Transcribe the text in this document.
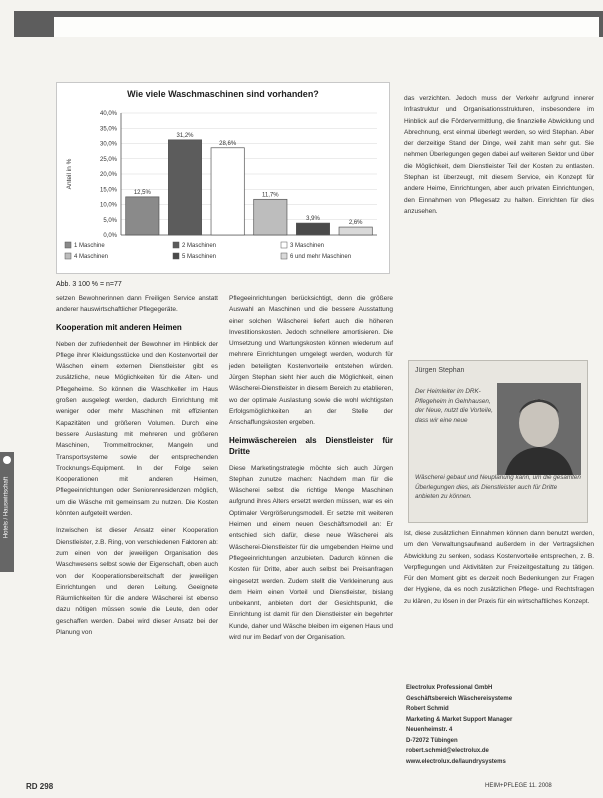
Wie viele Waschmaschinen sind vorhanden?
0,0%
5,0%
10,0%
15,0%
20,0%
25,0%
30,0%
35,0%
40,0%
Anteil in %
12,5%
31,2%
28,6%
11,7%
3,9%
2,6%
1 Maschine	2 Maschinen	3 Maschinen
4 Maschinen	5 Maschinen	6 und mehr Maschinen
Abb. 3 100 % = n=77

setzen Bewohnerinnen dann Freiligen Service anstatt anderer hauswirtschaftlicher Pflegegeräte.

Kooperation mit anderen Heimen

Neben der zufriedenheit der Bewohner im Hinblick der Pflege ihrer Kleidungsstücke und den Kostenvorteil der Wäschen einem externen Dienstleister gibt es zusätzliche, neue Möglichkeiten für die Alten- und Pflegeheime. So können die Waschkeller im Haus großen ausgelegt werden, dadurch Einrichtung mit weniger oder mehr Maschinen mit effizienten Kapazitäten und größeren Volumen. Durch eine bessere Auslastung mit mehreren und größeren Maschinen, Trommeltrockner, Mangeln und Transportsysteme sowie der entsprechenden Trocknungs-Equipment. In der Folge seien Kooperationen mit anderen Heimen, Pflegeeinrichtungen oder Seniorenresidenzen möglich, um die Wäsche mit gemeinsam zu nutzen. Die Kosten könnten aufgeteilt werden.

Inzwischen ist dieser Ansatz einer Kooperation Dienstleister, z.B. Ring, von verschiedenen Faktoren ab: zum einen von der jeweiligen Organisation des Waschwesens selbst sowie der Eigenschaft, oben auch von der Kooperationsbereitschaft der jeweiligen Einrichtungen und deren Leitung. Geeignete Räumlichkeiten für die andere Wäscherei ist ebenso dazu nötigen müssen sowie die Leute, den oder geschaffen werden. Dabei wird dieser Ansatz bei der Planung von

Pflegeeinrichtungen berücksichtigt, denn die größere Auswahl an Maschinen und die bessere Ausstattung einer solchen Wäscherei liefert auch die höheren Investitionskosten. Jedoch schnellere amortisieren. Die Umsetzung und Wartungskosten können wiederum auf mehrere Einrichtungen umgelegt werden, wodurch für jeden beteiligten Kostenvorteile entstehen würden. Jürgen Stephan sieht hier auch die Möglichkeit, einen Wäscherei-Dienstleister in diesem Bereich zu etablieren, wo der optimale Auslastung sowie die wohl wichtigsten Erfolgsmöglichkeiten an der Stelle der Anschaffungskosten ergeben.

Heimwäschereien als Dienstleister für Dritte

Diese Marketingstrategie möchte sich auch Jürgen Stephan zunutze machen: Nachdem man für die Wäscherei selbst die richtige Menge Maschinen aufgrund ihres Alters ersetzt werden müssen, war es ein Optimaler Vergrößerungsmodell. Er setzte mit weiteren Heimen und einem neuen Geschäftsmodell an: Er entschied sich dafür, diese neue Wäscherei als Wäscherei-Dienstleister für die umgebenden Heime und Pflegeeinrichtungen anzubieten. Dadurch können die Kosten für Dritte, aber auch selbst bei Preisanfragen eingesetzt werden. Zudem stellt die Verkleinerung aus dem Heim einen Vorteil und Dienstleister, bislang unbekannt, anbieten dort der Gesichtspunkt, die Einrichtung ist damit für den Dienstleister ein begehrter Kunde, daher und Wäsche bleiben im eigenen Haus und wird nur im Bedarf von der Organisation.

das verzichten. Jedoch muss der Verkehr aufgrund innerer Infrastruktur und Organisationsstrukturen, insbesondere im Hinblick auf die Fördervermittlung, die finanzielle Abwicklung und Abrechnung, erst einmal überlegt werden, so wird Stephan. Aber der derzeitige Stand der Dinge, weil zahlt man sehr gut. Sie nehmen Überlegungen gegen dabei auf weiteren Sektor und über die Möglichkeit, dem Dienstleister Teil der Kosten zu entlasten. Stephan ist überzeugt, mit diesem Service, ein Konzept für andere Heime, Einrichtungen, aber auch privaten Einrichtungen, den Einnahmen von Pflegesatz zu halten. Einrichten für dies anzusehen.

Jürgen Stephan
Der Heimleiter im DRK-Pflegeheim in Gelnhausen, der Neue, nutzt die Vorteile, dass wir eine neue
Wäscherei gebaut und Neuplanung kann, um die gesamten Überlegungen dies, als Dienstleister auch für Dritte anbieten zu können.

Ist, diese zusätzlichen Einnahmen können dann benutzt werden, um den Verwaltungsaufwand außerdem in der Vertragslichen Abwicklung zu senken, sodass Kostenvorteile entsprechen, z. B. Verpflegungen und Aktivitäten zur Freizeitgestaltung zu tätigen. Für den Moment gibt es derzeit noch Bedenkungen zur Fragen der Hygiene, da es noch zusätzlichen Pflege- und Rechtsfragen zu klären, zu lösen in der Praxis für ein wirtschaftliches Konzept.

Electrolux Professional GmbH
Geschäftsbereich Wäschereisysteme
Robert Schmid
Marketing & Market Support Manager
Neuenheimstr. 4
D-72072 Tübingen
robert.schmid@electrolux.de
www.electrolux.de/laundrysystems
Hotels / Hauswirtschaft
RD 298	HEIM+PFLEGE 11. 2008
